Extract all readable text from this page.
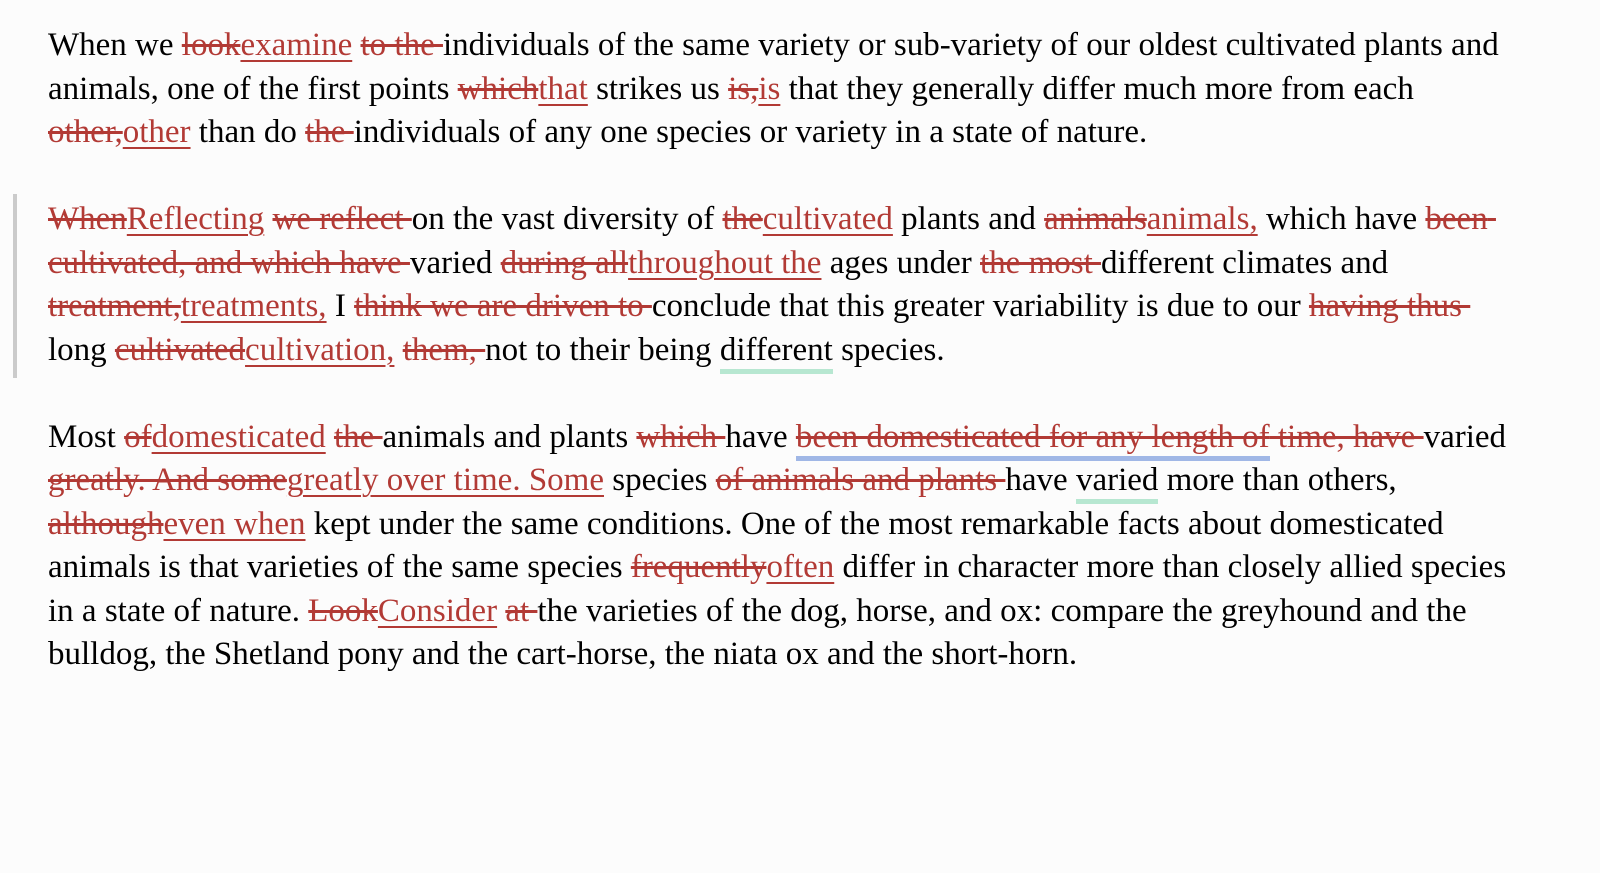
When we lookexamine to the individuals of the same variety or sub-variety of our oldest cultivated plants and animals, one of the first points whichthat strikes us is,is that they generally differ much more from each other,other than do the individuals of any one species or variety in a state of nature.

WhenReflecting we reflect on the vast diversity of thecultivated plants and animalsanimals, which have been cultivated, and which have varied during allthroughout the ages under the most different climates and treatment,treatments, I think we are driven to conclude that this greater variability is due to our having thus long cultivatedcultivation, them, not to their being different species.

Most ofdomesticated the animals and plants which have been domesticated for any length of time, have varied greatly. And somegreatly over time. Some species of animals and plants have varied more than others, althougheven when kept under the same conditions. One of the most remarkable facts about domesticated animals is that varieties of the same species frequentlyoften differ in character more than closely allied species in a state of nature. LookConsider at the varieties of the dog, horse, and ox: compare the greyhound and the bulldog, the Shetland pony and the cart-horse, the niata ox and the short-horn.
